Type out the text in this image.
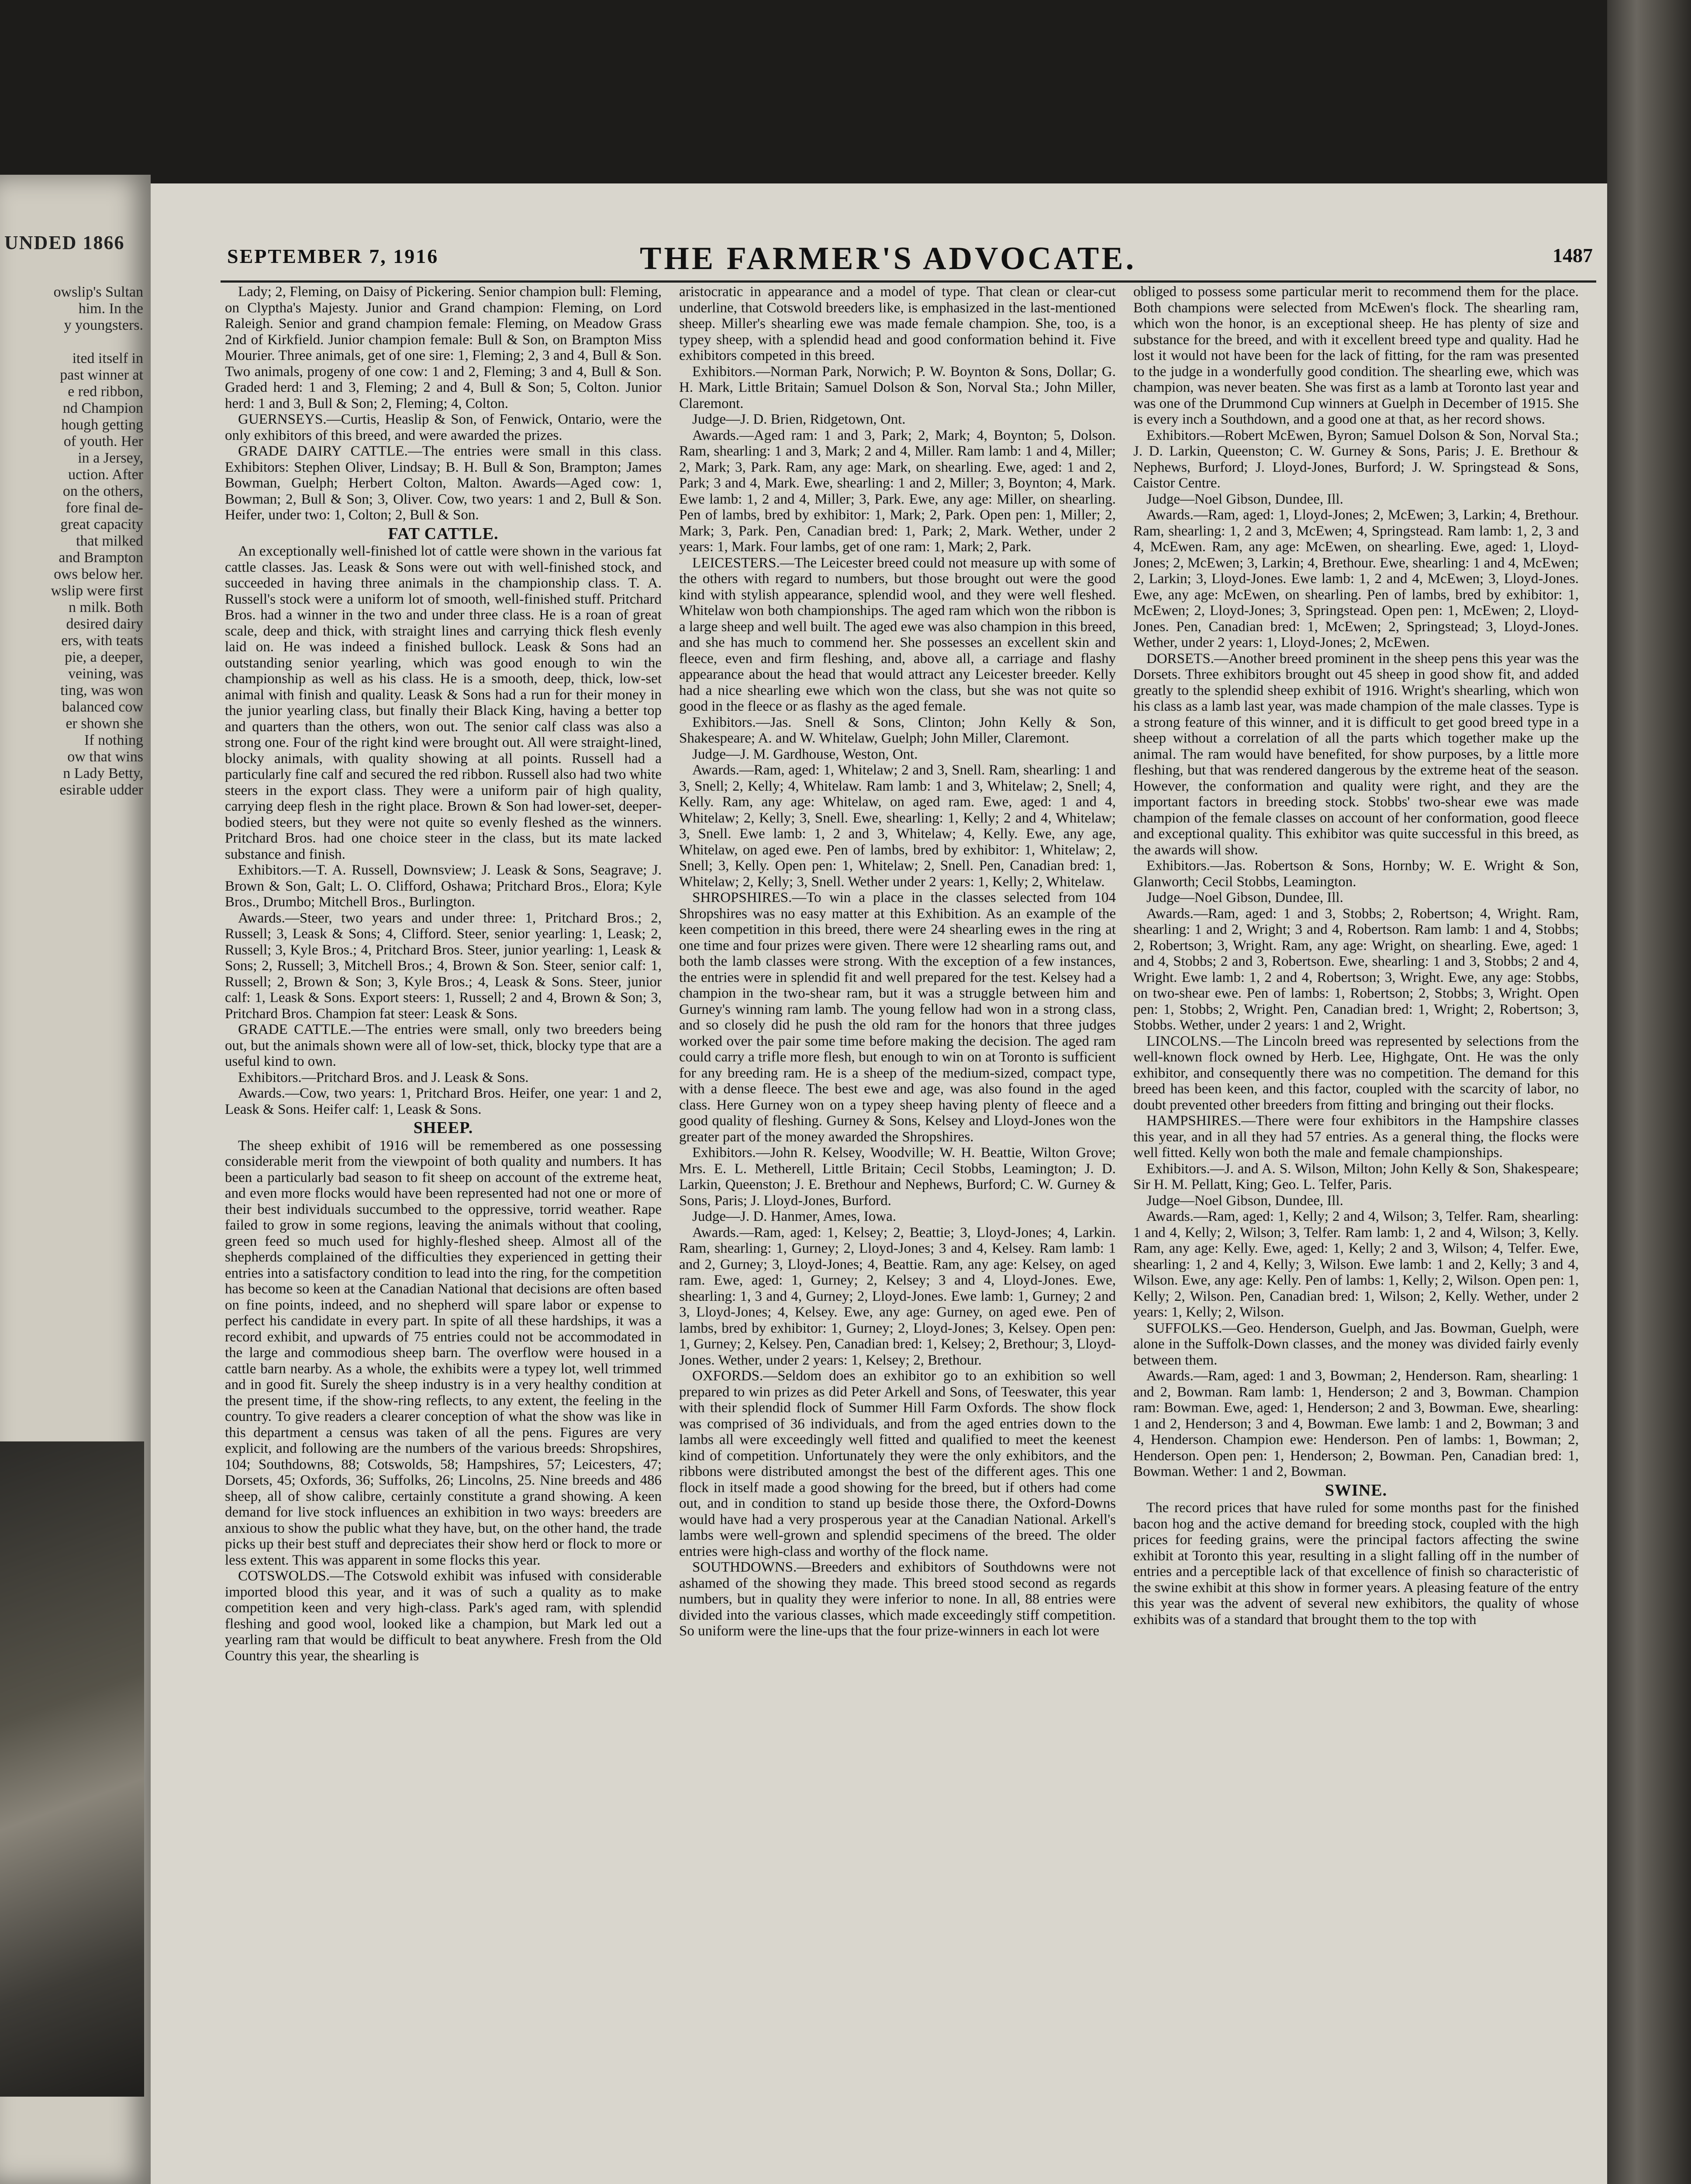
UNDED 1866
owslip's Sultan
him. In the
y youngsters.

ited itself in
past winner at
e red ribbon,
nd Champion
hough getting
of youth. Her
in a Jersey,
uction. After
on the others,
fore final de-
great capacity
that milked
and Brampton
ows below her.
wslip were first
n milk. Both
desired dairy
ers, with teats
pie, a deeper,
veining, was
ting, was won
balanced cow
er shown she
If nothing
ow that wins
n Lady Betty,
esirable udder
SEPTEMBER 7, 1916	THE FARMER'S ADVOCATE.	1487

Lady; 2, Fleming, on Daisy of Pickering. Senior champion bull: Fleming, on Clyptha's Majesty. Junior and Grand champion: Fleming, on Lord Raleigh. Senior and grand champion female: Fleming, on Meadow Grass 2nd of Kirkfield. Junior champion female: Bull & Son, on Brampton Miss Mourier. Three animals, get of one sire: 1, Fleming; 2, 3 and 4, Bull & Son. Two animals, progeny of one cow: 1 and 2, Fleming; 3 and 4, Bull & Son. Graded herd: 1 and 3, Fleming; 2 and 4, Bull & Son; 5, Colton. Junior herd: 1 and 3, Bull & Son; 2, Fleming; 4, Colton.

GUERNSEYS.—Curtis, Heaslip & Son, of Fenwick, Ontario, were the only exhibitors of this breed, and were awarded the prizes.

GRADE DAIRY CATTLE.—The entries were small in this class. Exhibitors: Stephen Oliver, Lindsay; B. H. Bull & Son, Brampton; James Bowman, Guelph; Herbert Colton, Malton. Awards—Aged cow: 1, Bowman; 2, Bull & Son; 3, Oliver. Cow, two years: 1 and 2, Bull & Son. Heifer, under two: 1, Colton; 2, Bull & Son.

FAT CATTLE.

An exceptionally well-finished lot of cattle were shown in the various fat cattle classes. Jas. Leask & Sons were out with well-finished stock, and succeeded in having three animals in the championship class. T. A. Russell's stock were a uniform lot of smooth, well-finished stuff. Pritchard Bros. had a winner in the two and under three class. He is a roan of great scale, deep and thick, with straight lines and carrying thick flesh evenly laid on. He was indeed a finished bullock. Leask & Sons had an outstanding senior yearling, which was good enough to win the championship as well as his class. He is a smooth, deep, thick, low-set animal with finish and quality. Leask & Sons had a run for their money in the junior yearling class, but finally their Black King, having a better top and quarters than the others, won out. The senior calf class was also a strong one. Four of the right kind were brought out. All were straight-lined, blocky animals, with quality showing at all points. Russell had a particularly fine calf and secured the red ribbon. Russell also had two white steers in the export class. They were a uniform pair of high quality, carrying deep flesh in the right place. Brown & Son had lower-set, deeper-bodied steers, but they were not quite so evenly fleshed as the winners. Pritchard Bros. had one choice steer in the class, but its mate lacked substance and finish.

Exhibitors.—T. A. Russell, Downsview; J. Leask & Sons, Seagrave; J. Brown & Son, Galt; L. O. Clifford, Oshawa; Pritchard Bros., Elora; Kyle Bros., Drumbo; Mitchell Bros., Burlington.

Awards.—Steer, two years and under three: 1, Pritchard Bros.; 2, Russell; 3, Leask & Sons; 4, Clifford. Steer, senior yearling: 1, Leask; 2, Russell; 3, Kyle Bros.; 4, Pritchard Bros. Steer, junior yearling: 1, Leask & Sons; 2, Russell; 3, Mitchell Bros.; 4, Brown & Son. Steer, senior calf: 1, Russell; 2, Brown & Son; 3, Kyle Bros.; 4, Leask & Sons. Steer, junior calf: 1, Leask & Sons. Export steers: 1, Russell; 2 and 4, Brown & Son; 3, Pritchard Bros. Champion fat steer: Leask & Sons.

GRADE CATTLE.—The entries were small, only two breeders being out, but the animals shown were all of low-set, thick, blocky type that are a useful kind to own.

Exhibitors.—Pritchard Bros. and J. Leask & Sons.

Awards.—Cow, two years: 1, Pritchard Bros. Heifer, one year: 1 and 2, Leask & Sons. Heifer calf: 1, Leask & Sons.

SHEEP.

The sheep exhibit of 1916 will be remembered as one possessing considerable merit from the viewpoint of both quality and numbers. It has been a particularly bad season to fit sheep on account of the extreme heat, and even more flocks would have been represented had not one or more of their best individuals succumbed to the oppressive, torrid weather. Rape failed to grow in some regions, leaving the animals without that cooling, green feed so much used for highly-fleshed sheep. Almost all of the shepherds complained of the difficulties they experienced in getting their entries into a satisfactory condition to lead into the ring, for the competition has become so keen at the Canadian National that decisions are often based on fine points, indeed, and no shepherd will spare labor or expense to perfect his candidate in every part. In spite of all these hardships, it was a record exhibit, and upwards of 75 entries could not be accommodated in the large and commodious sheep barn. The overflow were housed in a cattle barn nearby. As a whole, the exhibits were a typey lot, well trimmed and in good fit. Surely the sheep industry is in a very healthy condition at the present time, if the show-ring reflects, to any extent, the feeling in the country. To give readers a clearer conception of what the show was like in this department a census was taken of all the pens. Figures are very explicit, and following are the numbers of the various breeds: Shropshires, 104; Southdowns, 88; Cotswolds, 58; Hampshires, 57; Leicesters, 47; Dorsets, 45; Oxfords, 36; Suffolks, 26; Lincolns, 25. Nine breeds and 486 sheep, all of show calibre, certainly constitute a grand showing. A keen demand for live stock influences an exhibition in two ways: breeders are anxious to show the public what they have, but, on the other hand, the trade picks up their best stuff and depreciates their show herd or flock to more or less extent. This was apparent in some flocks this year.

COTSWOLDS.—The Cotswold exhibit was infused with considerable imported blood this year, and it was of such a quality as to make competition keen and very high-class. Park's aged ram, with splendid fleshing and good wool, looked like a champion, but Mark led out a yearling ram that would be difficult to beat anywhere. Fresh from the Old Country this year, the shearling is

aristocratic in appearance and a model of type. That clean or clear-cut underline, that Cotswold breeders like, is emphasized in the last-mentioned sheep. Miller's shearling ewe was made female champion. She, too, is a typey sheep, with a splendid head and good conformation behind it. Five exhibitors competed in this breed.

Exhibitors.—Norman Park, Norwich; P. W. Boynton & Sons, Dollar; G. H. Mark, Little Britain; Samuel Dolson & Son, Norval Sta.; John Miller, Claremont.

Judge—J. D. Brien, Ridgetown, Ont.

Awards.—Aged ram: 1 and 3, Park; 2, Mark; 4, Boynton; 5, Dolson. Ram, shearling: 1 and 3, Mark; 2 and 4, Miller. Ram lamb: 1 and 4, Miller; 2, Mark; 3, Park. Ram, any age: Mark, on shearling. Ewe, aged: 1 and 2, Park; 3 and 4, Mark. Ewe, shearling: 1 and 2, Miller; 3, Boynton; 4, Mark. Ewe lamb: 1, 2 and 4, Miller; 3, Park. Ewe, any age: Miller, on shearling. Pen of lambs, bred by exhibitor: 1, Mark; 2, Park. Open pen: 1, Miller; 2, Mark; 3, Park. Pen, Canadian bred: 1, Park; 2, Mark. Wether, under 2 years: 1, Mark. Four lambs, get of one ram: 1, Mark; 2, Park.

LEICESTERS.—The Leicester breed could not measure up with some of the others with regard to numbers, but those brought out were the good kind with stylish appearance, splendid wool, and they were well fleshed. Whitelaw won both championships. The aged ram which won the ribbon is a large sheep and well built. The aged ewe was also champion in this breed, and she has much to commend her. She possesses an excellent skin and fleece, even and firm fleshing, and, above all, a carriage and flashy appearance about the head that would attract any Leicester breeder. Kelly had a nice shearling ewe which won the class, but she was not quite so good in the fleece or as flashy as the aged female.

Exhibitors.—Jas. Snell & Sons, Clinton; John Kelly & Son, Shakespeare; A. and W. Whitelaw, Guelph; John Miller, Claremont.

Judge—J. M. Gardhouse, Weston, Ont.

Awards.—Ram, aged: 1, Whitelaw; 2 and 3, Snell. Ram, shearling: 1 and 3, Snell; 2, Kelly; 4, Whitelaw. Ram lamb: 1 and 3, Whitelaw; 2, Snell; 4, Kelly. Ram, any age: Whitelaw, on aged ram. Ewe, aged: 1 and 4, Whitelaw; 2, Kelly; 3, Snell. Ewe, shearling: 1, Kelly; 2 and 4, Whitelaw; 3, Snell. Ewe lamb: 1, 2 and 3, Whitelaw; 4, Kelly. Ewe, any age, Whitelaw, on aged ewe. Pen of lambs, bred by exhibitor: 1, Whitelaw; 2, Snell; 3, Kelly. Open pen: 1, Whitelaw; 2, Snell. Pen, Canadian bred: 1, Whitelaw; 2, Kelly; 3, Snell. Wether under 2 years: 1, Kelly; 2, Whitelaw.

SHROPSHIRES.—To win a place in the classes selected from 104 Shropshires was no easy matter at this Exhibition. As an example of the keen competition in this breed, there were 24 shearling ewes in the ring at one time and four prizes were given. There were 12 shearling rams out, and both the lamb classes were strong. With the exception of a few instances, the entries were in splendid fit and well prepared for the test. Kelsey had a champion in the two-shear ram, but it was a struggle between him and Gurney's winning ram lamb. The young fellow had won in a strong class, and so closely did he push the old ram for the honors that three judges worked over the pair some time before making the decision. The aged ram could carry a trifle more flesh, but enough to win on at Toronto is sufficient for any breeding ram. He is a sheep of the medium-sized, compact type, with a dense fleece. The best ewe and age, was also found in the aged class. Here Gurney won on a typey sheep having plenty of fleece and a good quality of fleshing. Gurney & Sons, Kelsey and Lloyd-Jones won the greater part of the money awarded the Shropshires.

Exhibitors.—John R. Kelsey, Woodville; W. H. Beattie, Wilton Grove; Mrs. E. L. Metherell, Little Britain; Cecil Stobbs, Leamington; J. D. Larkin, Queenston; J. E. Brethour and Nephews, Burford; C. W. Gurney & Sons, Paris; J. Lloyd-Jones, Burford.

Judge—J. D. Hanmer, Ames, Iowa.

Awards.—Ram, aged: 1, Kelsey; 2, Beattie; 3, Lloyd-Jones; 4, Larkin. Ram, shearling: 1, Gurney; 2, Lloyd-Jones; 3 and 4, Kelsey. Ram lamb: 1 and 2, Gurney; 3, Lloyd-Jones; 4, Beattie. Ram, any age: Kelsey, on aged ram. Ewe, aged: 1, Gurney; 2, Kelsey; 3 and 4, Lloyd-Jones. Ewe, shearling: 1, 3 and 4, Gurney; 2, Lloyd-Jones. Ewe lamb: 1, Gurney; 2 and 3, Lloyd-Jones; 4, Kelsey. Ewe, any age: Gurney, on aged ewe. Pen of lambs, bred by exhibitor: 1, Gurney; 2, Lloyd-Jones; 3, Kelsey. Open pen: 1, Gurney; 2, Kelsey. Pen, Canadian bred: 1, Kelsey; 2, Brethour; 3, Lloyd-Jones. Wether, under 2 years: 1, Kelsey; 2, Brethour.

OXFORDS.—Seldom does an exhibitor go to an exhibition so well prepared to win prizes as did Peter Arkell and Sons, of Teeswater, this year with their splendid flock of Summer Hill Farm Oxfords. The show flock was comprised of 36 individuals, and from the aged entries down to the lambs all were exceedingly well fitted and qualified to meet the keenest kind of competition. Unfortunately they were the only exhibitors, and the ribbons were distributed amongst the best of the different ages. This one flock in itself made a good showing for the breed, but if others had come out, and in condition to stand up beside those there, the Oxford-Downs would have had a very prosperous year at the Canadian National. Arkell's lambs were well-grown and splendid specimens of the breed. The older entries were high-class and worthy of the flock name.

SOUTHDOWNS.—Breeders and exhibitors of Southdowns were not ashamed of the showing they made. This breed stood second as regards numbers, but in quality they were inferior to none. In all, 88 entries were divided into the various classes, which made exceedingly stiff competition. So uniform were the line-ups that the four prize-winners in each lot were

obliged to possess some particular merit to recommend them for the place. Both champions were selected from McEwen's flock. The shearling ram, which won the honor, is an exceptional sheep. He has plenty of size and substance for the breed, and with it excellent breed type and quality. Had he lost it would not have been for the lack of fitting, for the ram was presented to the judge in a wonderfully good condition. The shearling ewe, which was champion, was never beaten. She was first as a lamb at Toronto last year and was one of the Drummond Cup winners at Guelph in December of 1915. She is every inch a Southdown, and a good one at that, as her record shows.

Exhibitors.—Robert McEwen, Byron; Samuel Dolson & Son, Norval Sta.; J. D. Larkin, Queenston; C. W. Gurney & Sons, Paris; J. E. Brethour & Nephews, Burford; J. Lloyd-Jones, Burford; J. W. Springstead & Sons, Caistor Centre.

Judge—Noel Gibson, Dundee, Ill.

Awards.—Ram, aged: 1, Lloyd-Jones; 2, McEwen; 3, Larkin; 4, Brethour. Ram, shearling: 1, 2 and 3, McEwen; 4, Springstead. Ram lamb: 1, 2, 3 and 4, McEwen. Ram, any age: McEwen, on shearling. Ewe, aged: 1, Lloyd-Jones; 2, McEwen; 3, Larkin; 4, Brethour. Ewe, shearling: 1 and 4, McEwen; 2, Larkin; 3, Lloyd-Jones. Ewe lamb: 1, 2 and 4, McEwen; 3, Lloyd-Jones. Ewe, any age: McEwen, on shearling. Pen of lambs, bred by exhibitor: 1, McEwen; 2, Lloyd-Jones; 3, Springstead. Open pen: 1, McEwen; 2, Lloyd-Jones. Pen, Canadian bred: 1, McEwen; 2, Springstead; 3, Lloyd-Jones. Wether, under 2 years: 1, Lloyd-Jones; 2, McEwen.

DORSETS.—Another breed prominent in the sheep pens this year was the Dorsets. Three exhibitors brought out 45 sheep in good show fit, and added greatly to the splendid sheep exhibit of 1916. Wright's shearling, which won his class as a lamb last year, was made champion of the male classes. Type is a strong feature of this winner, and it is difficult to get good breed type in a sheep without a correlation of all the parts which together make up the animal. The ram would have benefited, for show purposes, by a little more fleshing, but that was rendered dangerous by the extreme heat of the season. However, the conformation and quality were right, and they are the important factors in breeding stock. Stobbs' two-shear ewe was made champion of the female classes on account of her conformation, good fleece and exceptional quality. This exhibitor was quite successful in this breed, as the awards will show.

Exhibitors.—Jas. Robertson & Sons, Hornby; W. E. Wright & Son, Glanworth; Cecil Stobbs, Leamington.

Judge—Noel Gibson, Dundee, Ill.

Awards.—Ram, aged: 1 and 3, Stobbs; 2, Robertson; 4, Wright. Ram, shearling: 1 and 2, Wright; 3 and 4, Robertson. Ram lamb: 1 and 4, Stobbs; 2, Robertson; 3, Wright. Ram, any age: Wright, on shearling. Ewe, aged: 1 and 4, Stobbs; 2 and 3, Robertson. Ewe, shearling: 1 and 3, Stobbs; 2 and 4, Wright. Ewe lamb: 1, 2 and 4, Robertson; 3, Wright. Ewe, any age: Stobbs, on two-shear ewe. Pen of lambs: 1, Robertson; 2, Stobbs; 3, Wright. Open pen: 1, Stobbs; 2, Wright. Pen, Canadian bred: 1, Wright; 2, Robertson; 3, Stobbs. Wether, under 2 years: 1 and 2, Wright.

LINCOLNS.—The Lincoln breed was represented by selections from the well-known flock owned by Herb. Lee, Highgate, Ont. He was the only exhibitor, and consequently there was no competition. The demand for this breed has been keen, and this factor, coupled with the scarcity of labor, no doubt prevented other breeders from fitting and bringing out their flocks.

HAMPSHIRES.—There were four exhibitors in the Hampshire classes this year, and in all they had 57 entries. As a general thing, the flocks were well fitted. Kelly won both the male and female championships.

Exhibitors.—J. and A. S. Wilson, Milton; John Kelly & Son, Shakespeare; Sir H. M. Pellatt, King; Geo. L. Telfer, Paris.

Judge—Noel Gibson, Dundee, Ill.

Awards.—Ram, aged: 1, Kelly; 2 and 4, Wilson; 3, Telfer. Ram, shearling: 1 and 4, Kelly; 2, Wilson; 3, Telfer. Ram lamb: 1, 2 and 4, Wilson; 3, Kelly. Ram, any age: Kelly. Ewe, aged: 1, Kelly; 2 and 3, Wilson; 4, Telfer. Ewe, shearling: 1, 2 and 4, Kelly; 3, Wilson. Ewe lamb: 1 and 2, Kelly; 3 and 4, Wilson. Ewe, any age: Kelly. Pen of lambs: 1, Kelly; 2, Wilson. Open pen: 1, Kelly; 2, Wilson. Pen, Canadian bred: 1, Wilson; 2, Kelly. Wether, under 2 years: 1, Kelly; 2, Wilson.

SUFFOLKS.—Geo. Henderson, Guelph, and Jas. Bowman, Guelph, were alone in the Suffolk-Down classes, and the money was divided fairly evenly between them.

Awards.—Ram, aged: 1 and 3, Bowman; 2, Henderson. Ram, shearling: 1 and 2, Bowman. Ram lamb: 1, Henderson; 2 and 3, Bowman. Champion ram: Bowman. Ewe, aged: 1, Henderson; 2 and 3, Bowman. Ewe, shearling: 1 and 2, Henderson; 3 and 4, Bowman. Ewe lamb: 1 and 2, Bowman; 3 and 4, Henderson. Champion ewe: Henderson. Pen of lambs: 1, Bowman; 2, Henderson. Open pen: 1, Henderson; 2, Bowman. Pen, Canadian bred: 1, Bowman. Wether: 1 and 2, Bowman.

SWINE.

The record prices that have ruled for some months past for the finished bacon hog and the active demand for breeding stock, coupled with the high prices for feeding grains, were the principal factors affecting the swine exhibit at Toronto this year, resulting in a slight falling off in the number of entries and a perceptible lack of that excellence of finish so characteristic of the swine exhibit at this show in former years. A pleasing feature of the entry this year was the advent of several new exhibitors, the quality of whose exhibits was of a standard that brought them to the top with
